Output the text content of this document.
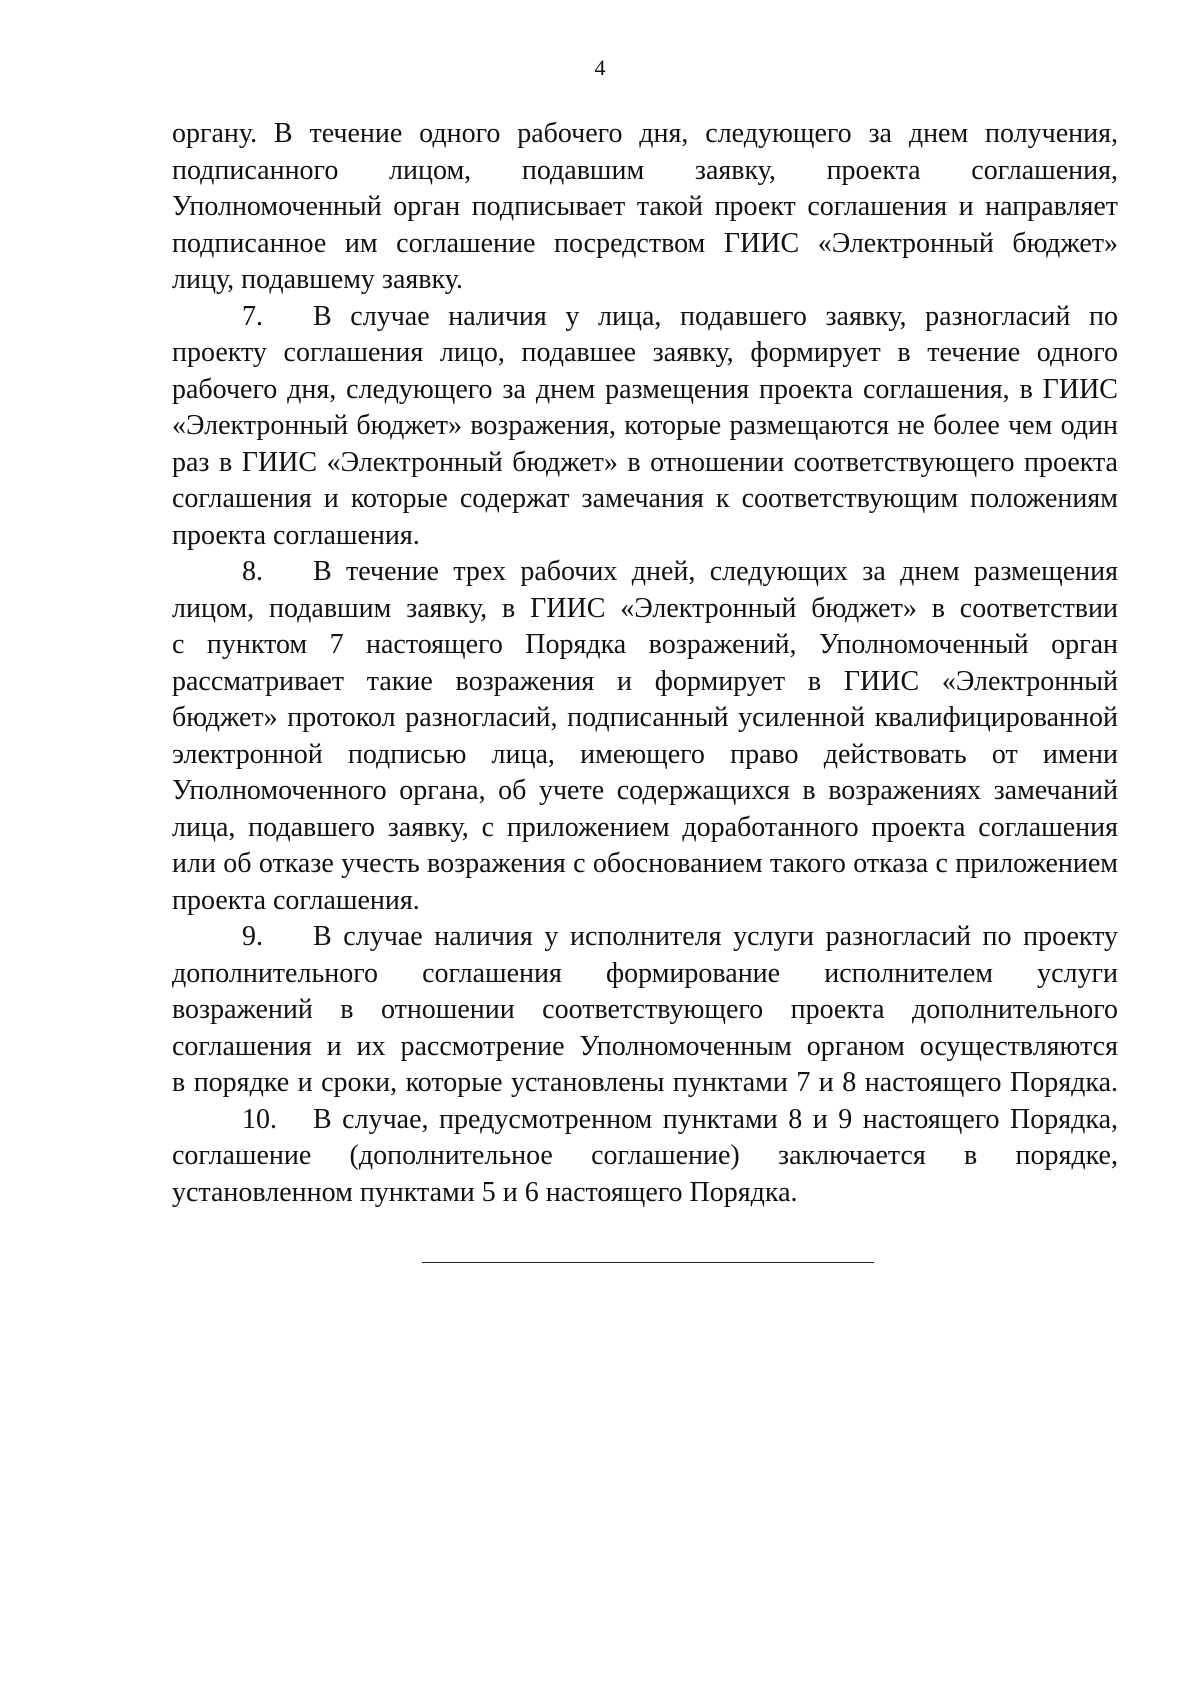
4
органу. В течение одного рабочего дня, следующего за днем получения,
подписанного лицом, подавшим заявку, проекта соглашения,
Уполномоченный орган подписывает такой проект соглашения и направляет
подписанное им соглашение посредством ГИИС «Электронный бюджет»
лицу, подавшему заявку.
7.	В случае наличия у лица, подавшего заявку, разногласий по
проекту соглашения лицо, подавшее заявку, формирует в течение одного
рабочего дня, следующего за днем размещения проекта соглашения, в ГИИС
«Электронный бюджет» возражения, которые размещаются не более чем один
раз в ГИИС «Электронный бюджет» в отношении соответствующего проекта
соглашения и которые содержат замечания к соответствующим положениям
проекта соглашения.
8.	В течение трех рабочих дней, следующих за днем размещения
лицом, подавшим заявку, в ГИИС «Электронный бюджет» в соответствии
с пунктом 7 настоящего Порядка возражений, Уполномоченный орган
рассматривает такие возражения и формирует в ГИИС «Электронный
бюджет» протокол разногласий, подписанный усиленной квалифицированной
электронной подписью лица, имеющего право действовать от имени
Уполномоченного органа, об учете содержащихся в возражениях замечаний
лица, подавшего заявку, с приложением доработанного проекта соглашения
или об отказе учесть возражения с обоснованием такого отказа с приложением
проекта соглашения.
9.	В случае наличия у исполнителя услуги разногласий по проекту
дополнительного соглашения формирование исполнителем услуги
возражений в отношении соответствующего проекта дополнительного
соглашения и их рассмотрение Уполномоченным органом осуществляются
в порядке и сроки, которые установлены пунктами 7 и 8 настоящего Порядка.
10.	В случае, предусмотренном пунктами 8 и 9 настоящего Порядка,
соглашение (дополнительное соглашение) заключается в порядке,
установленном пунктами 5 и 6 настоящего Порядка.
